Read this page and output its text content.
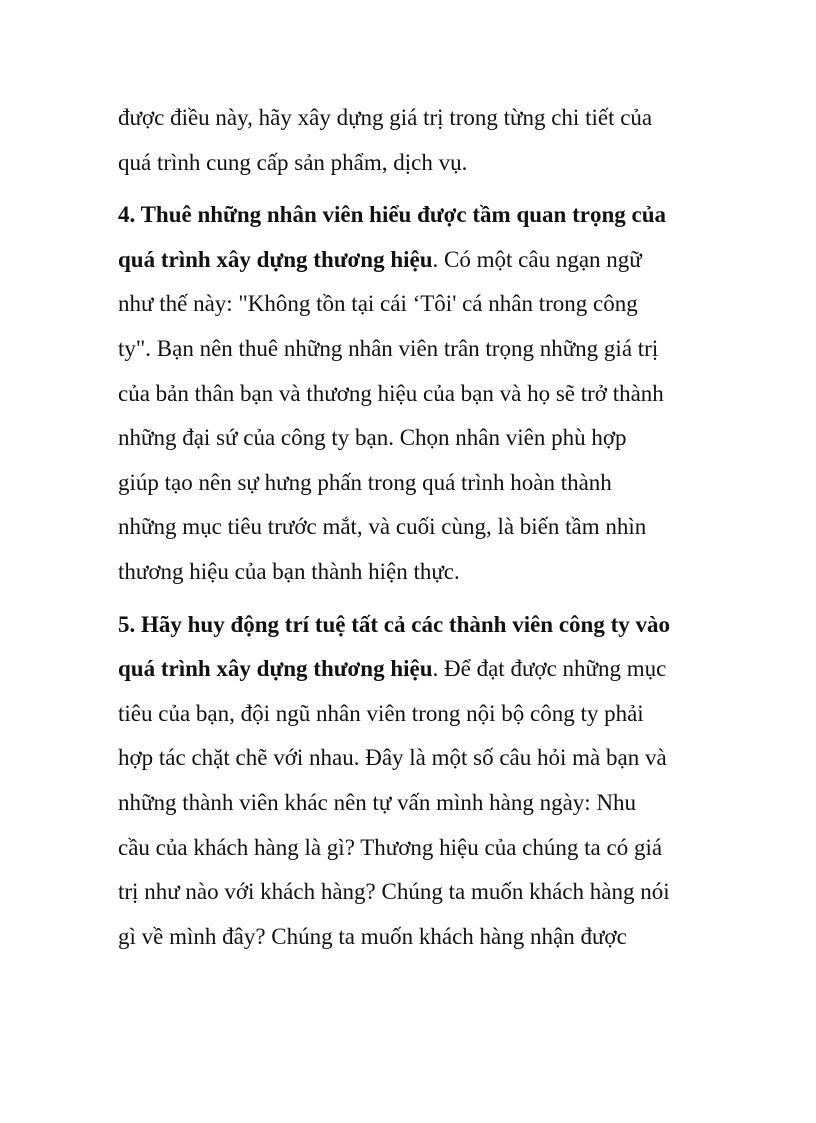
được điều này, hãy xây dựng giá trị trong từng chi tiết của
quá trình cung cấp sản phẩm, dịch vụ.
4. Thuê những nhân viên hiểu được tầm quan trọng của
quá trình xây dựng thương hiệu. Có một câu ngạn ngữ
như thế này: "Không tồn tại cái ‘Tôi' cá nhân trong công
ty". Bạn nên thuê những nhân viên trân trọng những giá trị
của bản thân bạn và thương hiệu của bạn và họ sẽ trở thành
những đại sứ của công ty bạn. Chọn nhân viên phù hợp
giúp tạo nên sự hưng phấn trong quá trình hoàn thành
những mục tiêu trước mắt, và cuối cùng, là biến tầm nhìn
thương hiệu của bạn thành hiện thực.
5. Hãy huy động trí tuệ tất cả các thành viên công ty vào
quá trình xây dựng thương hiệu. Để đạt được những mục
tiêu của bạn, đội ngũ nhân viên trong nội bộ công ty phải
hợp tác chặt chẽ với nhau. Đây là một số câu hỏi mà bạn và
những thành viên khác nên tự vấn mình hàng ngày: Nhu
cầu của khách hàng là gì? Thương hiệu của chúng ta có giá
trị như nào với khách hàng? Chúng ta muốn khách hàng nói
gì về mình đây? Chúng ta muốn khách hàng nhận được
